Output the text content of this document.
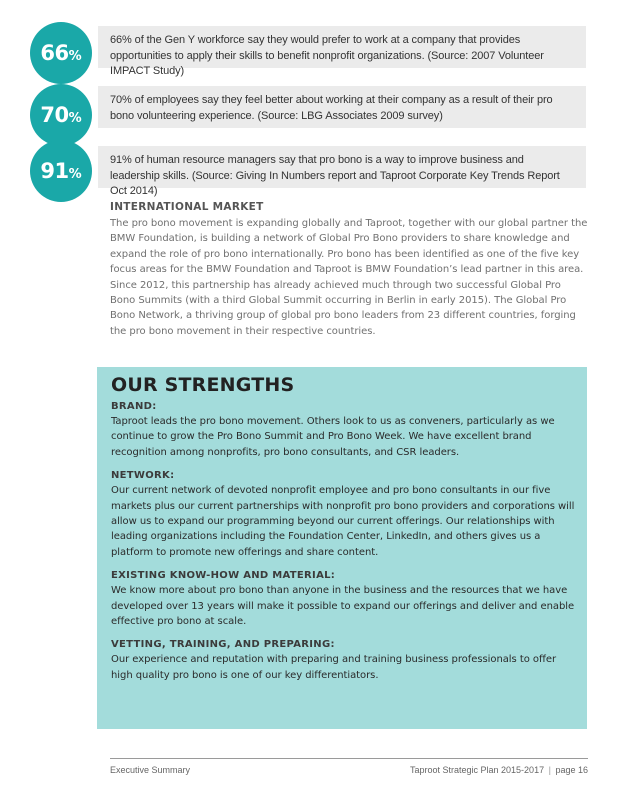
66 %
66% of the Gen Y workforce say they would prefer to work at a company that provides opportunities to apply their skills to benefit nonprofit organizations. (Source: 2007 Volunteer IMPACT Study)
70 %
70% of employees say they feel better about working at their company as a result of their pro bono volunteering experience. (Source: LBG Associates 2009 survey)
91 %
91% of human resource managers say that pro bono is a way to improve business and leadership skills. (Source: Giving In Numbers report and Taproot Corporate Key Trends Report Oct 2014)
INTERNATIONAL MARKET
The pro bono movement is expanding globally and Taproot, together with our global partner the BMW Foundation, is building a network of Global Pro Bono providers to share knowledge and expand the role of pro bono internationally. Pro bono has been identified as one of the five key focus areas for the BMW Foundation and Taproot is BMW Foundation’s lead partner in this area. Since 2012, this partnership has already achieved much through two successful Global Pro Bono Summits (with a third Global Summit occurring in Berlin in early 2015). The Global Pro Bono Network, a thriving group of global pro bono leaders from 23 different countries, forging the pro bono movement in their respective countries.
OUR STRENGTHS
BRAND:
Taproot leads the pro bono movement. Others look to us as conveners, particularly as we continue to grow the Pro Bono Summit and Pro Bono Week. We have excellent brand recognition among nonprofits, pro bono consultants, and CSR leaders.
NETWORK:
Our current network of devoted nonprofit employee and pro bono consultants in our five markets plus our current partnerships with nonprofit pro bono providers and corporations will allow us to expand our programming beyond our current offerings. Our relationships with leading organizations including the Foundation Center, LinkedIn, and others gives us a platform to promote new offerings and share content.
EXISTING KNOW-HOW AND MATERIAL:
We know more about pro bono than anyone in the business and the resources that we have developed over 13 years will make it possible to expand our offerings and deliver and enable effective pro bono at scale.
VETTING, TRAINING, AND PREPARING:
Our experience and reputation with preparing and training business professionals to offer high quality pro bono is one of our key differentiators.
Executive Summary	Taproot Strategic Plan 2015-2017 | page 16
